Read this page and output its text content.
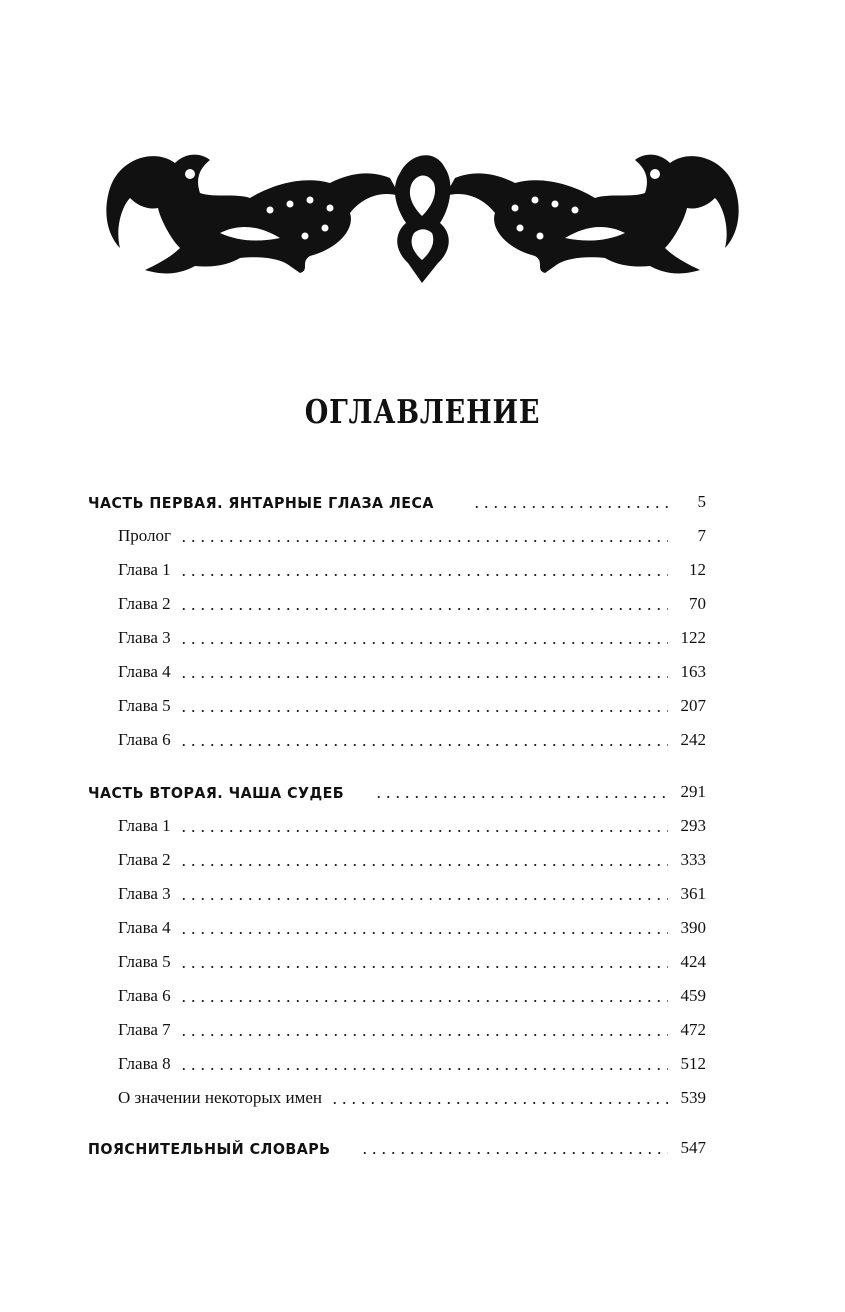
ОГЛАВЛЕНИЕ
ЧАСТЬ ПЕРВАЯ. ЯНТАРНЫЕ ГЛАЗА ЛЕСА	5
Пролог	7
Глава 1	12
Глава 2	70
Глава 3	122
Глава 4	163
Глава 5	207
Глава 6	242
ЧАСТЬ ВТОРАЯ. ЧАША СУДЕБ	291
Глава 1	293
Глава 2	333
Глава 3	361
Глава 4	390
Глава 5	424
Глава 6	459
Глава 7	472
Глава 8	512
О значении некоторых имен	539
ПОЯСНИТЕЛЬНЫЙ СЛОВАРЬ	547
